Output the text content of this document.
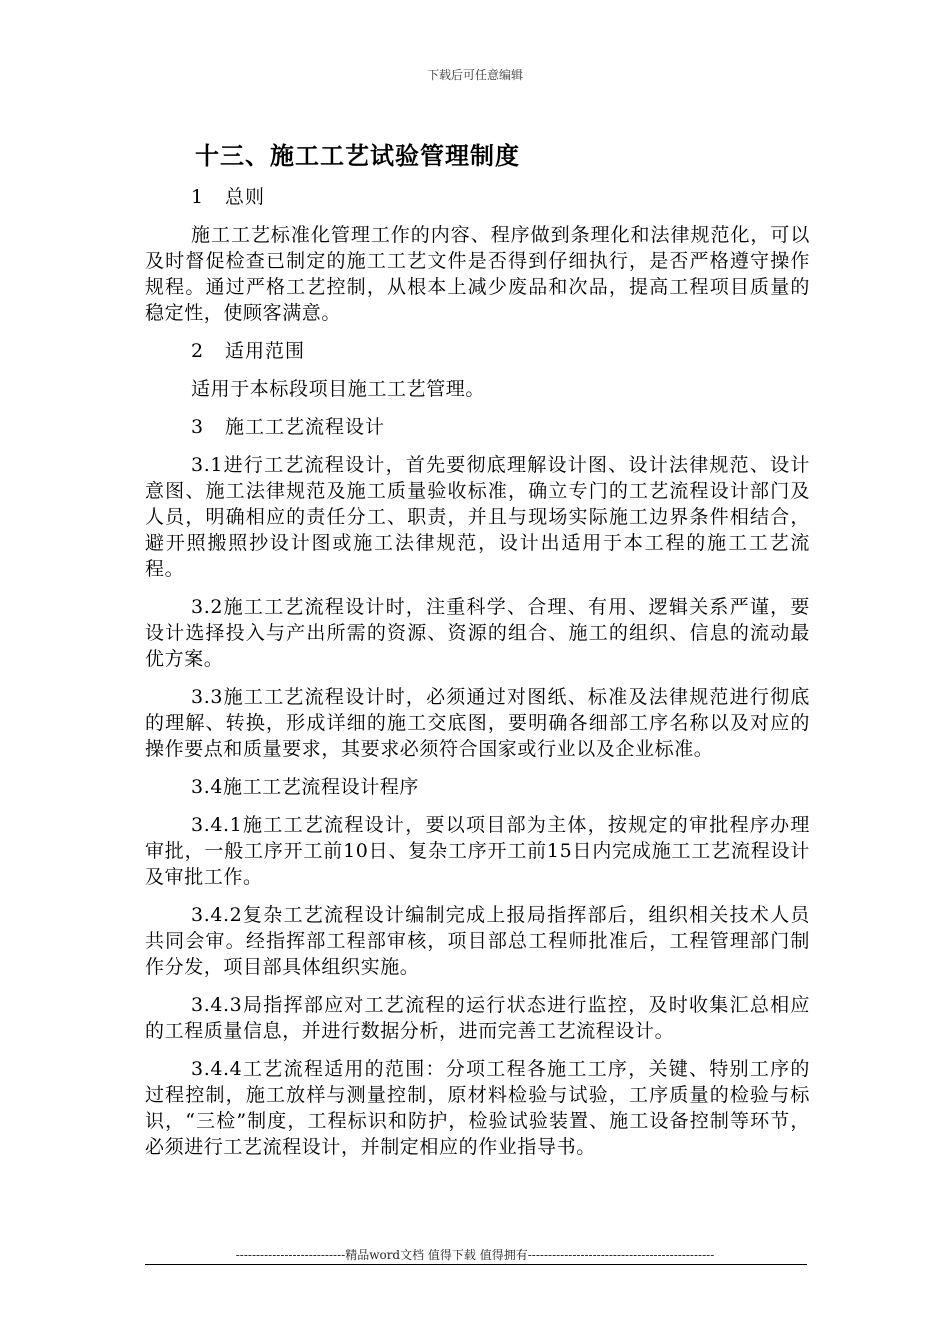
下载后可任意编辑
十三、施工工艺试验管理制度
1 总则

施工工艺标准化管理工作的内容、程序做到条理化和法律规范化，可以及时督促检查已制定的施工工艺文件是否得到仔细执行，是否严格遵守操作规程。通过严格工艺控制，从根本上减少废品和次品，提高工程项目质量的稳定性，使顾客满意。

2 适用范围

适用于本标段项目施工工艺管理。

3 施工工艺流程设计

3.1进行工艺流程设计，首先要彻底理解设计图、设计法律规范、设计意图、施工法律规范及施工质量验收标准，确立专门的工艺流程设计部门及人员，明确相应的责任分工、职责，并且与现场实际施工边界条件相结合，避开照搬照抄设计图或施工法律规范，设计出适用于本工程的施工工艺流程。

3.2施工工艺流程设计时，注重科学、合理、有用、逻辑关系严谨，要设计选择投入与产出所需的资源、资源的组合、施工的组织、信息的流动最优方案。

3.3施工工艺流程设计时，必须通过对图纸、标准及法律规范进行彻底的理解、转换，形成详细的施工交底图，要明确各细部工序名称以及对应的操作要点和质量要求，其要求必须符合国家或行业以及企业标准。

3.4施工工艺流程设计程序

3.4.1施工工艺流程设计，要以项目部为主体，按规定的审批程序办理审批，一般工序开工前10日、复杂工序开工前15日内完成施工工艺流程设计及审批工作。

3.4.2复杂工艺流程设计编制完成上报局指挥部后，组织相关技术人员共同会审。经指挥部工程部审核，项目部总工程师批准后，工程管理部门制作分发，项目部具体组织实施。

3.4.3局指挥部应对工艺流程的运行状态进行监控，及时收集汇总相应的工程质量信息，并进行数据分析，进而完善工艺流程设计。

3.4.4工艺流程适用的范围：分项工程各施工工序，关键、特别工序的过程控制，施工放样与测量控制，原材料检验与试验，工序质量的检验与标识，“三检”制度，工程标识和防护，检验试验装置、施工设备控制等环节，必须进行工艺流程设计，并制定相应的作业指导书。

---------------------------精品word文档 值得下载 值得拥有----------------------------------------------
